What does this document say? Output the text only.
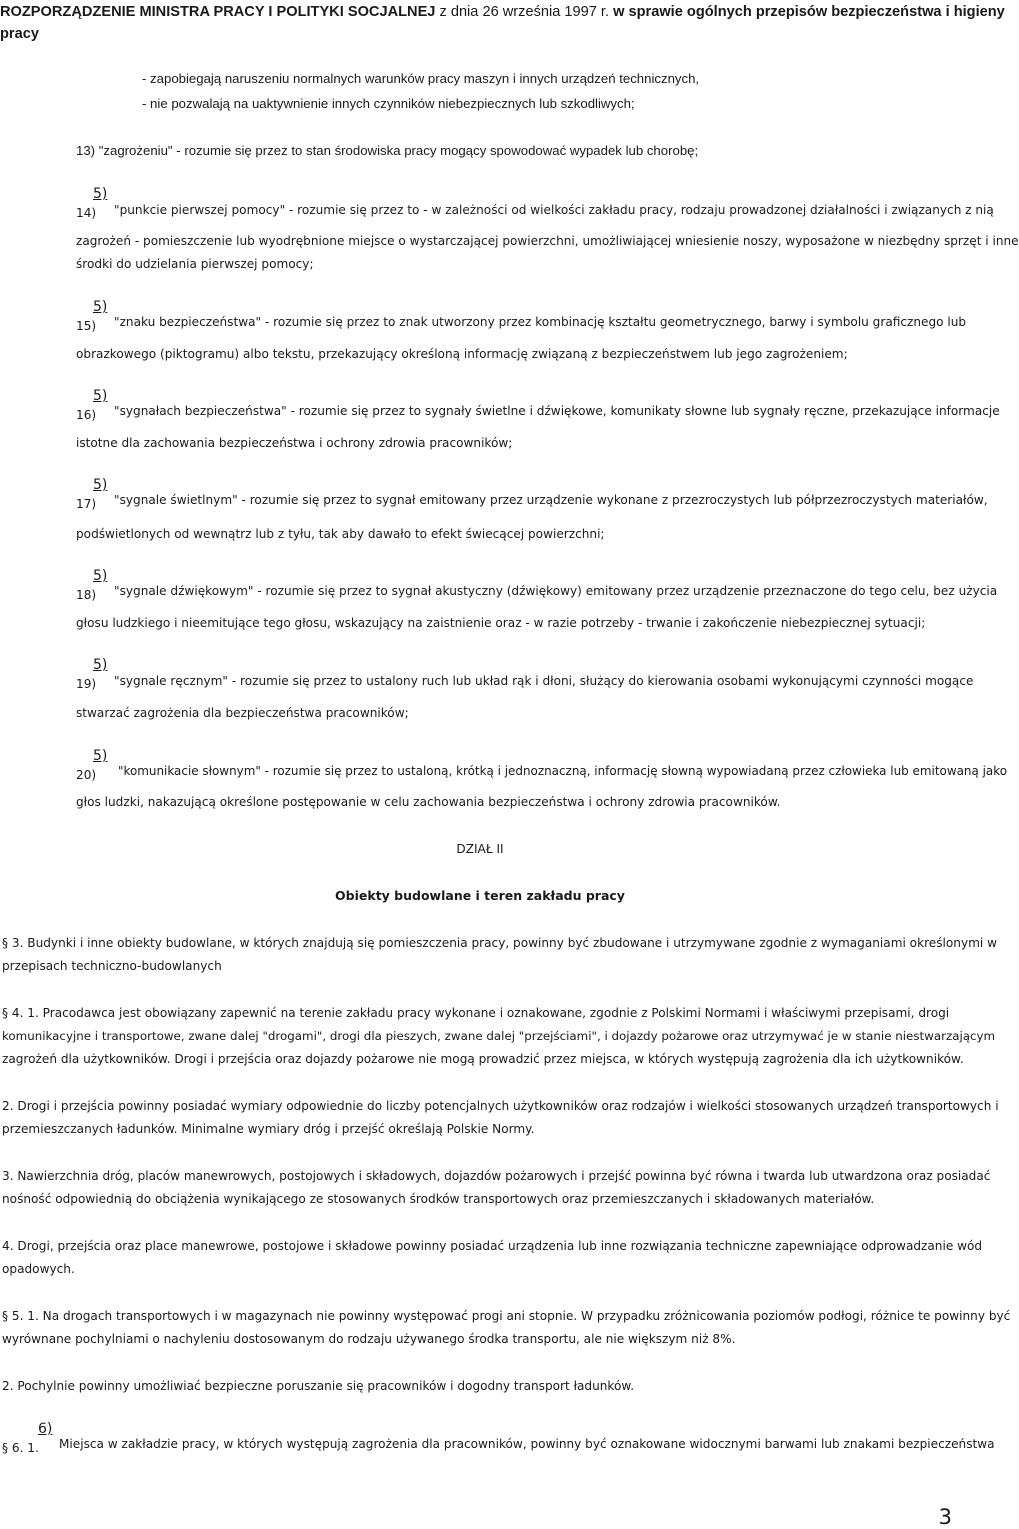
ROZPORZĄDZENIE MINISTRA PRACY I POLITYKI SOCJALNEJ z dnia 26 września 1997 r. w sprawie ogólnych przepisów bezpieczeństwa i higieny
pracy
- zapobiegają naruszeniu normalnych warunków pracy maszyn i innych urządzeń technicznych,
- nie pozwalają na uaktywnienie innych czynników niebezpiecznych lub szkodliwych;
13) "zagrożeniu" - rozumie się przez to stan środowiska pracy mogący spowodować wypadek lub chorobę;
14)
5)
"punkcie pierwszej pomocy" - rozumie się przez to - w zależności od wielkości zakładu pracy, rodzaju prowadzonej działalności i związanych z nią
zagrożeń - pomieszczenie lub wyodrębnione miejsce o wystarczającej powierzchni, umożliwiającej wniesienie noszy, wyposażone w niezbędny sprzęt i inne
środki do udzielania pierwszej pomocy;
15)
5)
"znaku bezpieczeństwa" - rozumie się przez to znak utworzony przez kombinację kształtu geometrycznego, barwy i symbolu graficznego lub
obrazkowego (piktogramu) albo tekstu, przekazujący określoną informację związaną z bezpieczeństwem lub jego zagrożeniem;
16)
5)
"sygnałach bezpieczeństwa" - rozumie się przez to sygnały świetlne i dźwiękowe, komunikaty słowne lub sygnały ręczne, przekazujące informacje
istotne dla zachowania bezpieczeństwa i ochrony zdrowia pracowników;
17)
5)
"sygnale świetlnym" - rozumie się przez to sygnał emitowany przez urządzenie wykonane z przezroczystych lub półprzezroczystych materiałów,
podświetlonych od wewnątrz lub z tyłu, tak aby dawało to efekt świecącej powierzchni;
18)
5)
"sygnale dźwiękowym" - rozumie się przez to sygnał akustyczny (dźwiękowy) emitowany przez urządzenie przeznaczone do tego celu, bez użycia
głosu ludzkiego i nieemitujące tego głosu, wskazujący na zaistnienie oraz - w razie potrzeby - trwanie i zakończenie niebezpiecznej sytuacji;
19)
5)
"sygnale ręcznym" - rozumie się przez to ustalony ruch lub układ rąk i dłoni, służący do kierowania osobami wykonującymi czynności mogące
stwarzać zagrożenia dla bezpieczeństwa pracowników;
20)
5)
"komunikacie słownym" - rozumie się przez to ustaloną, krótką i jednoznaczną, informację słowną wypowiadaną przez człowieka lub emitowaną jako
głos ludzki, nakazującą określone postępowanie w celu zachowania bezpieczeństwa i ochrony zdrowia pracowników.
DZIAŁ II
Obiekty budowlane i teren zakładu pracy
§ 3. Budynki i inne obiekty budowlane, w których znajdują się pomieszczenia pracy, powinny być zbudowane i utrzymywane zgodnie z wymaganiami określonymi w
przepisach techniczno-budowlanych
§ 4. 1. Pracodawca jest obowiązany zapewnić na terenie zakładu pracy wykonane i oznakowane, zgodnie z Polskimi Normami i właściwymi przepisami, drogi
komunikacyjne i transportowe, zwane dalej "drogami", drogi dla pieszych, zwane dalej "przejściami", i dojazdy pożarowe oraz utrzymywać je w stanie niestwarzającym
zagrożeń dla użytkowników. Drogi i przejścia oraz dojazdy pożarowe nie mogą prowadzić przez miejsca, w których występują zagrożenia dla ich użytkowników.
2. Drogi i przejścia powinny posiadać wymiary odpowiednie do liczby potencjalnych użytkowników oraz rodzajów i wielkości stosowanych urządzeń transportowych i
przemieszczanych ładunków. Minimalne wymiary dróg i przejść określają Polskie Normy.
3. Nawierzchnia dróg, placów manewrowych, postojowych i składowych, dojazdów pożarowych i przejść powinna być równa i twarda lub utwardzona oraz posiadać
nośność odpowiednią do obciążenia wynikającego ze stosowanych środków transportowych oraz przemieszczanych i składowanych materiałów.
4. Drogi, przejścia oraz place manewrowe, postojowe i składowe powinny posiadać urządzenia lub inne rozwiązania techniczne zapewniające odprowadzanie wód
opadowych.
§ 5. 1. Na drogach transportowych i w magazynach nie powinny występować progi ani stopnie. W przypadku zróżnicowania poziomów podłogi, różnice te powinny być
wyrównane pochylniami o nachyleniu dostosowanym do rodzaju używanego środka transportu, ale nie większym niż 8%.
2. Pochylnie powinny umożliwiać bezpieczne poruszanie się pracowników i dogodny transport ładunków.
§ 6. 1.
6)
Miejsca w zakładzie pracy, w których występują zagrożenia dla pracowników, powinny być oznakowane widocznymi barwami lub znakami bezpieczeństwa
3
